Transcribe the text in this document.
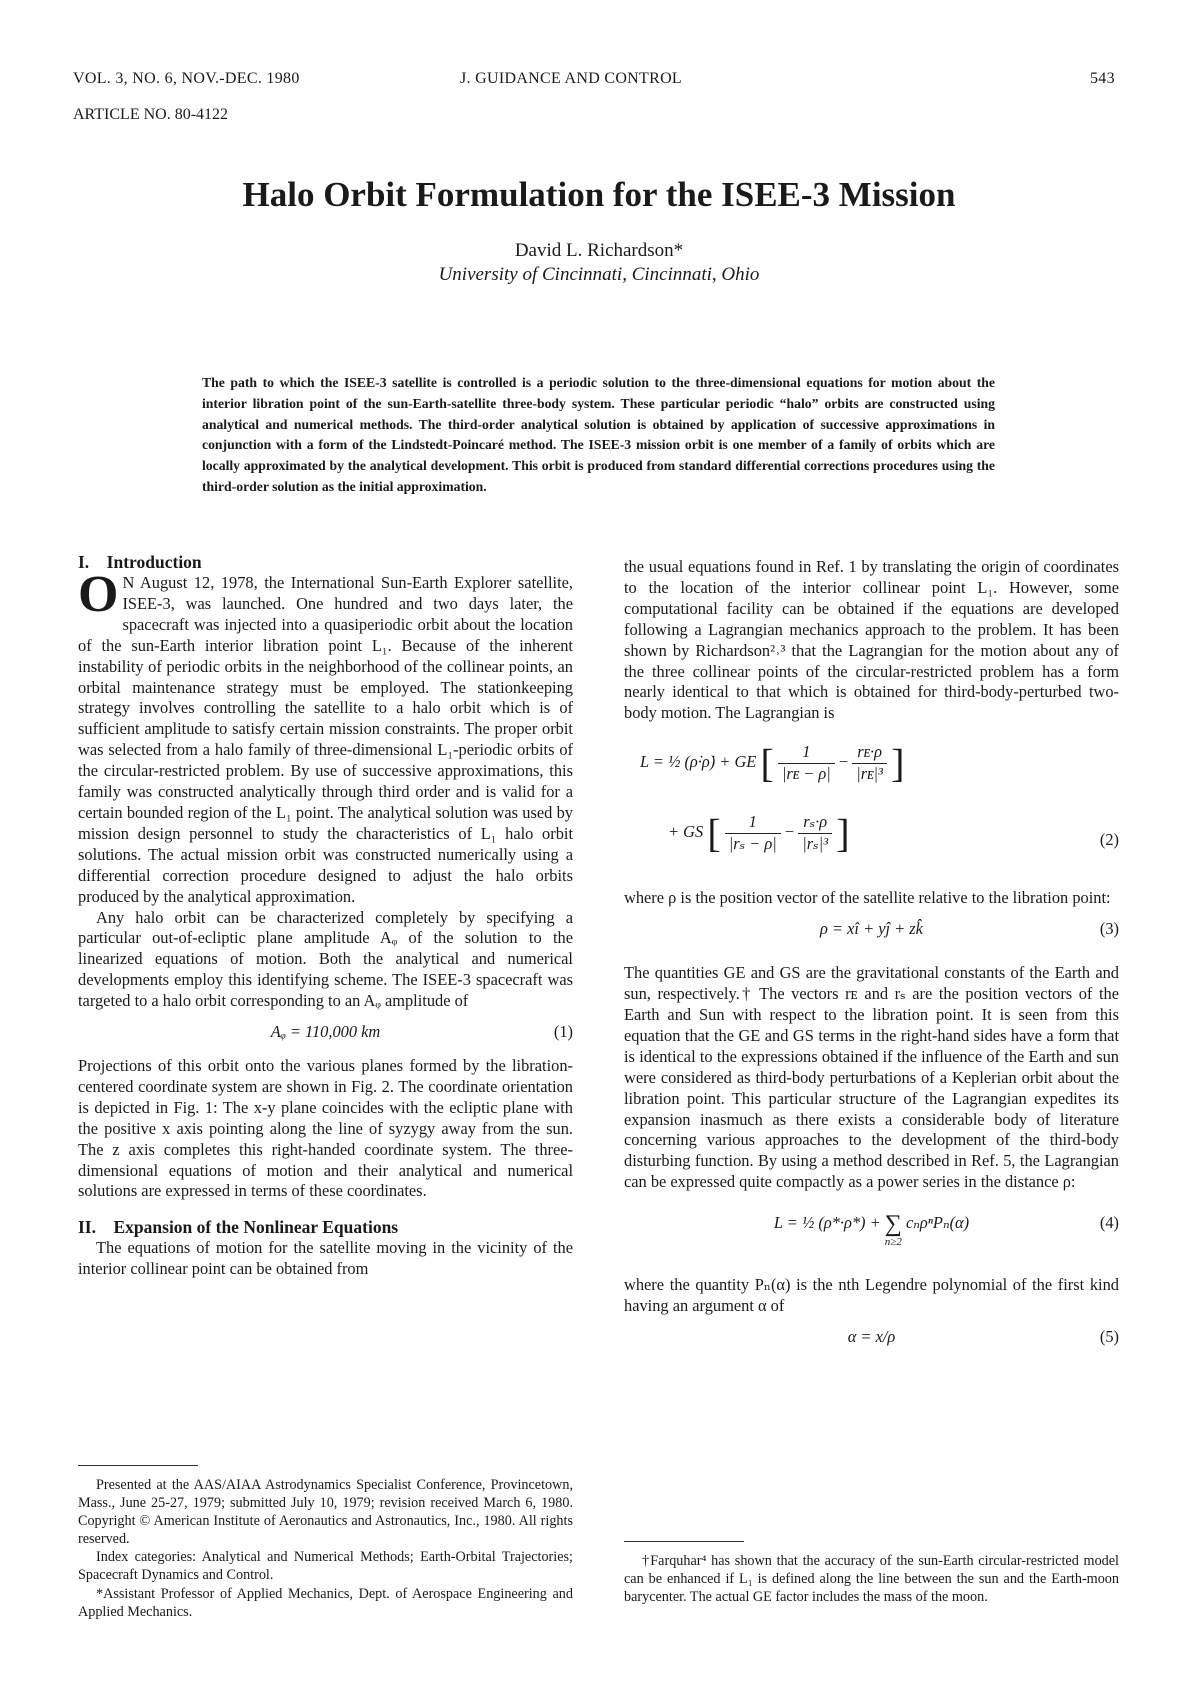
VOL. 3, NO. 6, NOV.-DEC. 1980	J. GUIDANCE AND CONTROL	543
ARTICLE NO. 80-4122
Halo Orbit Formulation for the ISEE-3 Mission
David L. Richardson*
University of Cincinnati, Cincinnati, Ohio

The path to which the ISEE-3 satellite is controlled is a periodic solution to the three-dimensional equations for motion about the interior libration point of the sun-Earth-satellite three-body system. These particular periodic “halo” orbits are constructed using analytical and numerical methods. The third-order analytical solution is obtained by application of successive approximations in conjunction with a form of the Lindstedt-Poincaré method. The ISEE-3 mission orbit is one member of a family of orbits which are locally approximated by the analytical development. This orbit is produced from standard differential corrections procedures using the third-order solution as the initial approximation.

I. Introduction

O N August 12, 1978, the International Sun-Earth Explorer satellite, ISEE-3, was launched. One hundred and two days later, the spacecraft was injected into a quasiperiodic orbit about the location of the sun-Earth interior libration point L₁. Because of the inherent instability of periodic orbits in the neighborhood of the collinear points, an orbital maintenance strategy must be employed. The stationkeeping strategy involves controlling the satellite to a halo orbit which is of sufficient amplitude to satisfy certain mission constraints. The proper orbit was selected from a halo family of three-dimensional L₁-periodic orbits of the circular-restricted problem. By use of successive approximations, this family was constructed analytically through third order and is valid for a certain bounded region of the L₁ point. The analytical solution was used by mission design personnel to study the characteristics of L₁ halo orbit solutions. The actual mission orbit was constructed numerically using a differential correction procedure designed to adjust the halo orbits produced by the analytical approximation.

Any halo orbit can be characterized completely by specifying a particular out-of-ecliptic plane amplitude Aᵩ of the solution to the linearized equations of motion. Both the analytical and numerical developments employ this identifying scheme. The ISEE-3 spacecraft was targeted to a halo orbit corresponding to an Aᵩ amplitude of

Aᵩ = 110,000 km	(1)

Projections of this orbit onto the various planes formed by the libration-centered coordinate system are shown in Fig. 2. The coordinate orientation is depicted in Fig. 1: The x-y plane coincides with the ecliptic plane with the positive x axis pointing along the line of syzygy away from the sun. The z axis completes this right-handed coordinate system. The three-dimensional equations of motion and their analytical and numerical solutions are expressed in terms of these coordinates.

II. Expansion of the Nonlinear Equations

The equations of motion for the satellite moving in the vicinity of the interior collinear point can be obtained from

the usual equations found in Ref. 1 by translating the origin of coordinates to the location of the interior collinear point L₁. However, some computational facility can be obtained if the equations are developed following a Lagrangian mechanics approach to the problem. It has been shown by Richardson²˒³ that the Lagrangian for the motion about any of the three collinear points of the circular-restricted problem has a form nearly identical to that which is obtained for third-body-perturbed two-body motion. The Lagrangian is

L = ½ (ρ̇·ρ̇) + GE [ $\frac{1}{\text{|rᴇ − ρ|}} - \frac{\text{rᴇ·ρ}}{\text{|rᴇ|³}}$ ]
+ GS [ $\frac{1}{\text{|rₛ − ρ|}} - \frac{\text{rₛ·ρ}}{\text{|rₛ|³}}$ ]	(2)

where ρ is the position vector of the satellite relative to the libration point:

ρ = xî + yĵ + zk̂	(3)

The quantities GE and GS are the gravitational constants of the Earth and sun, respectively.† The vectors rᴇ and rₛ are the position vectors of the Earth and Sun with respect to the libration point. It is seen from this equation that the GE and GS terms in the right-hand sides have a form that is identical to the expressions obtained if the influence of the Earth and sun were considered as third-body perturbations of a Keplerian orbit about the libration point. This particular structure of the Lagrangian expedites its expansion inasmuch as there exists a considerable body of literature concerning various approaches to the development of the third-body disturbing function. By using a method described in Ref. 5, the Lagrangian can be expressed quite compactly as a power series in the distance ρ:

L = ½ (ρ*·ρ*) + ∑
n≥2
cₙρⁿPₙ(α)	(4)

where the quantity Pₙ(α) is the nth Legendre polynomial of the first kind having an argument α of

α = x/ρ	(5)

Presented at the AAS/AIAA Astrodynamics Specialist Conference, Provincetown, Mass., June 25-27, 1979; submitted July 10, 1979; revision received March 6, 1980. Copyright © American Institute of Aeronautics and Astronautics, Inc., 1980. All rights reserved.

Index categories: Analytical and Numerical Methods; Earth-Orbital Trajectories; Spacecraft Dynamics and Control.

*Assistant Professor of Applied Mechanics, Dept. of Aerospace Engineering and Applied Mechanics.

†Farquhar⁴ has shown that the accuracy of the sun-Earth circular-restricted model can be enhanced if L₁ is defined along the line between the sun and the Earth-moon barycenter. The actual GE factor includes the mass of the moon.
